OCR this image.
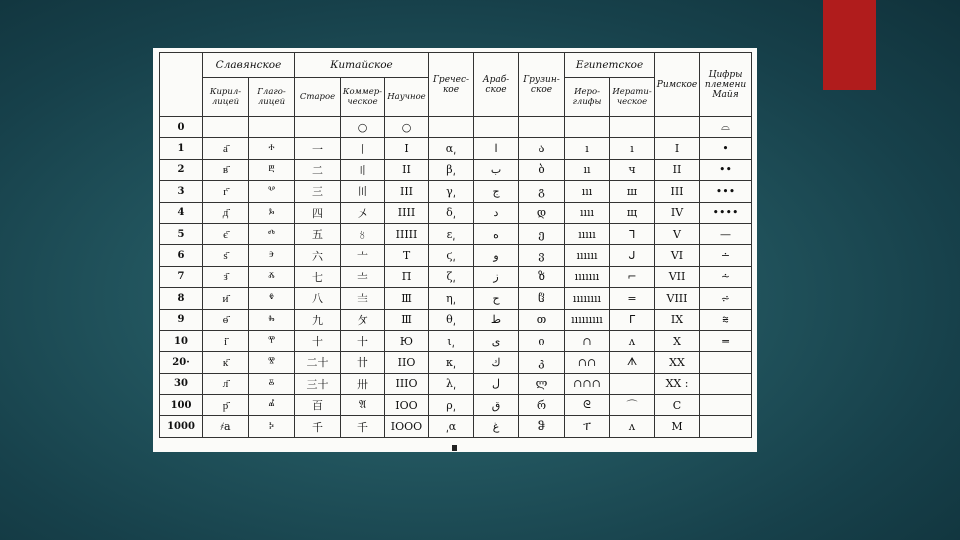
	Славянское		Китайское			Гречес-кое	Араб-ское	Грузин-ское	Египетское		Римское	Цифры племени Майя
	Кирил-лицей	Глаго-лицей	Старое	Коммер-ческое	Научное				Иеро-глифы	Иерати-ческое		
0				○	○							⌓
1	а҃	ⰰ	一	〡	Ι	α͵	ا	ა	ı	ı	I	•
2	в҃	ⰱ	二	〢	II	β͵	ب	ბ	ıı	ч	II	••
3	г҃	ⰲ	三	〣	III	γ͵	ج	გ	ııı	ш	III	•••
4	д҃	ⰳ	四	〤	IIII	δ͵	د	დ	ıııı	щ	IV	••••
5	є҃	ⰴ	五	〥	IIIII	ε͵	ه	ე	ııııı	ᒣ	V	—
6	ѕ҃	ⰵ	六	〦	T	ϛ͵	و	ვ	ıııııı	ᒍ	VI	∸
7	з҃	ⰶ	七	〧	Π	ζ͵	ز	ზ	ııııııı	⌐	VII	⩪
8	и҃	ⰷ	八	〨	Ⅲ	η͵	ح	ჱ	ıııııııı	=	VIII	⩫
9	ѳ҃	ⰸ	九	〩	Ⅲ	θ͵	ط	თ	ııııııııı	ᒥ	IX	⩬
10	і҃	ⰹ	十	〸	Ю	ι͵	ى	ი	∩	ʌ	X	═
20·	к҃	ⰺ	二十	〹	IIO	κ͵	ك	კ	∩∩	ᗑ	XX	
30	л҃	ⰻ	三十	〺	IIIO	λ͵	ل	ლ	∩∩∩		XX :	
100	р҃	ⰼ	百	𝔄	IOO	ρ͵	ق	რ	ᘓ	⌒	C	
1000	҂а	ⰽ	千	千	IOOO	͵α	غ	ჵ	ፐ	ʌ	M	
